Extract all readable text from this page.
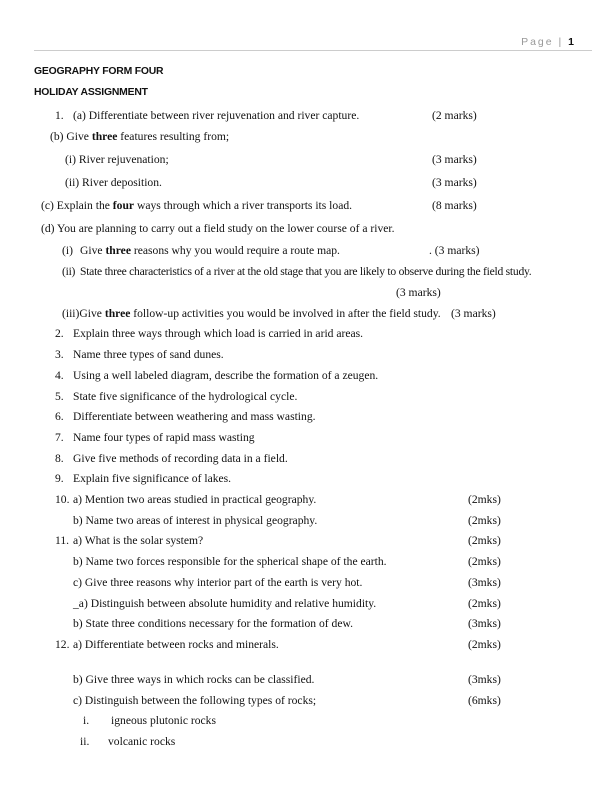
Page | 1
GEOGRAPHY FORM FOUR
HOLIDAY ASSIGNMENT
1. (a) Differentiate between river rejuvenation and river capture.	(2 marks)
(b) Give three features resulting from;
(i) River rejuvenation;	(3 marks)
(ii) River deposition.	(3 marks)
(c) Explain the four ways through which a river transports its load.	(8 marks)
(d) You are planning to carry out a field study on the lower course of a river.
(i) Give three reasons why you would require a route map.	. (3 marks)
(ii) State three characteristics of a river at the old stage that you are likely to observe during the field study.
(3 marks)
(iii)Give three follow-up activities you would be involved in after the field study. (3 marks)
2. Explain three ways through which load is carried in arid areas.
3. Name three types of sand dunes.
4. Using a well labeled diagram, describe the formation of a zeugen.
5. State five significance of the hydrological cycle.
6. Differentiate between weathering and mass wasting.
7. Name four types of rapid mass wasting
8. Give five methods of recording data in a field.
9. Explain five significance of lakes.
10. a) Mention two areas studied in practical geography.	(2mks)
b) Name two areas of interest in physical geography.	(2mks)
11. a) What is the solar system?	(2mks)
b) Name two forces responsible for the spherical shape of the earth.	(2mks)
c) Give three reasons why interior part of the earth is very hot.	(3mks)
_a) Distinguish between absolute humidity and relative humidity.	(2mks)
b) State three conditions necessary for the formation of dew.	(3mks)
12. a) Differentiate between rocks and minerals.	(2mks)
b) Give three ways in which rocks can be classified.	(3mks)
c) Distinguish between the following types of rocks;	(6mks)
i. igneous plutonic rocks
ii. volcanic rocks
